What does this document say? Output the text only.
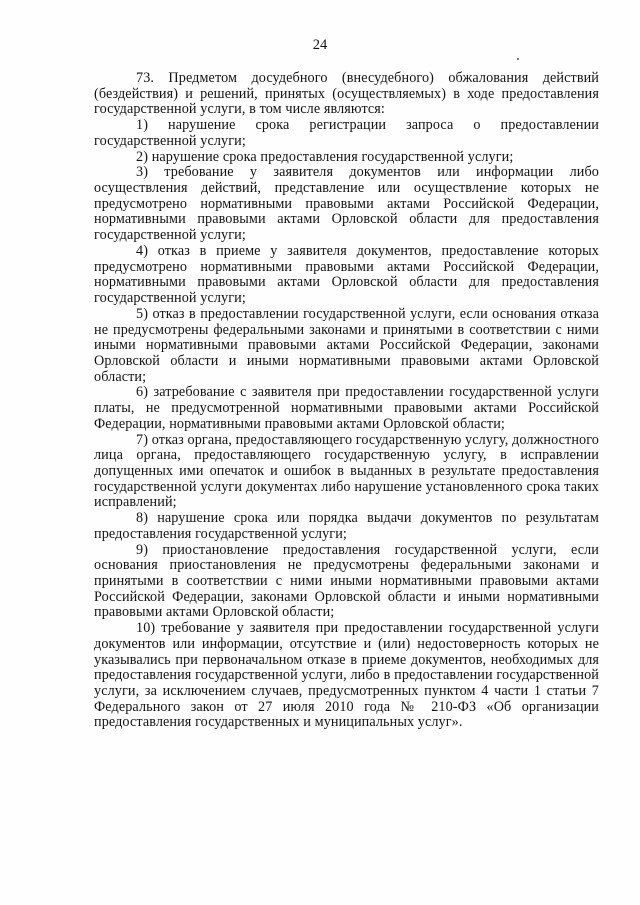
24

73. Предметом досудебного (внесудебного) обжалования действий (бездействия) и решений, принятых (осуществляемых) в ходе предоставления государственной услуги, в том числе являются:

1) нарушение срока регистрации запроса о предоставлении государственной услуги;

2) нарушение срока предоставления государственной услуги;

3) требование у заявителя документов или информации либо осуществления действий, представление или осуществление которых не предусмотрено нормативными правовыми актами Российской Федерации, нормативными правовыми актами Орловской области для предоставления государственной услуги;

4) отказ в приеме у заявителя документов, предоставление которых предусмотрено нормативными правовыми актами Российской Федерации, нормативными правовыми актами Орловской области для предоставления государственной услуги;

5) отказ в предоставлении государственной услуги, если основания отказа не предусмотрены федеральными законами и принятыми в соответствии с ними иными нормативными правовыми актами Российской Федерации, законами Орловской области и иными нормативными правовыми актами Орловской области;

6) затребование с заявителя при предоставлении государственной услуги платы, не предусмотренной нормативными правовыми актами Российской Федерации, нормативными правовыми актами Орловской области;

7) отказ органа, предоставляющего государственную услугу, должностного лица органа, предоставляющего государственную услугу, в исправлении допущенных ими опечаток и ошибок в выданных в результате предоставления государственной услуги документах либо нарушение установленного срока таких исправлений;

8) нарушение срока или порядка выдачи документов по результатам предоставления государственной услуги;

9) приостановление предоставления государственной услуги, если основания приостановления не предусмотрены федеральными законами и принятыми в соответствии с ними иными нормативными правовыми актами Российской Федерации, законами Орловской области и иными нормативными правовыми актами Орловской области;

10) требование у заявителя при предоставлении государственной услуги документов или информации, отсутствие и (или) недостоверность которых не указывались при первоначальном отказе в приеме документов, необходимых для предоставления государственной услуги, либо в предоставлении государственной услуги, за исключением случаев, предусмотренных пунктом 4 части 1 статьи 7 Федерального закон от 27 июля 2010 года № 210-ФЗ «Об организации предоставления государственных и муниципальных услуг».
